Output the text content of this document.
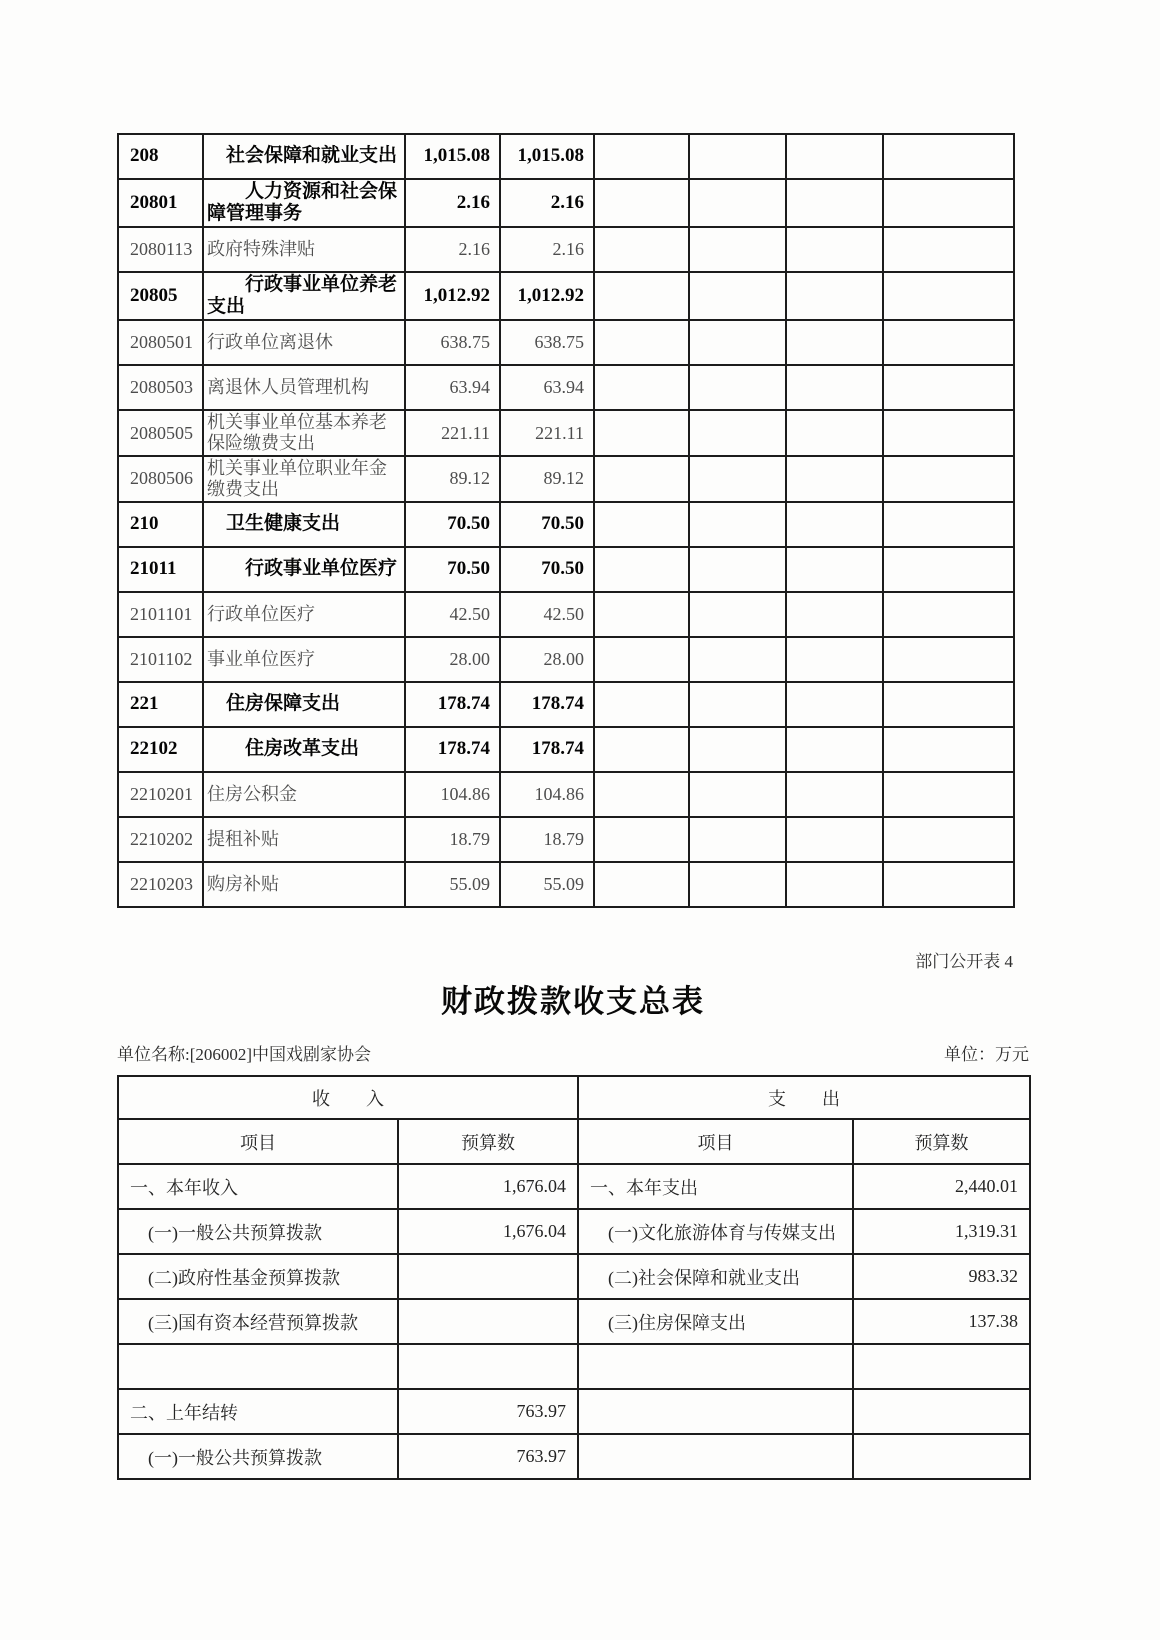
208	社会保障和就业支出	1,015.08	1,015.08				
20801	人力资源和社会保障管理事务	2.16	2.16				
2080113	政府特殊津贴	2.16	2.16				
20805	行政事业单位养老支出	1,012.92	1,012.92				
2080501	行政单位离退休	638.75	638.75				
2080503	离退休人员管理机构	63.94	63.94				
2080505	机关事业单位基本养老保险缴费支出	221.11	221.11				
2080506	机关事业单位职业年金缴费支出	89.12	89.12				
210	卫生健康支出	70.50	70.50				
21011	行政事业单位医疗	70.50	70.50				
2101101	行政单位医疗	42.50	42.50				
2101102	事业单位医疗	28.00	28.00				
221	住房保障支出	178.74	178.74				
22102	住房改革支出	178.74	178.74				
2210201	住房公积金	104.86	104.86				
2210202	提租补贴	18.79	18.79				
2210203	购房补贴	55.09	55.09				
部门公开表 4
财政拨款收支总表
单位名称:[206002]中国戏剧家协会	单位：万元
收　　入		支　　出	
项目	预算数	项目	预算数
一、本年收入	1,676.04	一、本年支出	2,440.01
(一)一般公共预算拨款	1,676.04	(一)文化旅游体育与传媒支出	1,319.31
(二)政府性基金预算拨款		(二)社会保障和就业支出	983.32
(三)国有资本经营预算拨款		(三)住房保障支出	137.38

二、上年结转	763.97		
(一)一般公共预算拨款	763.97		
